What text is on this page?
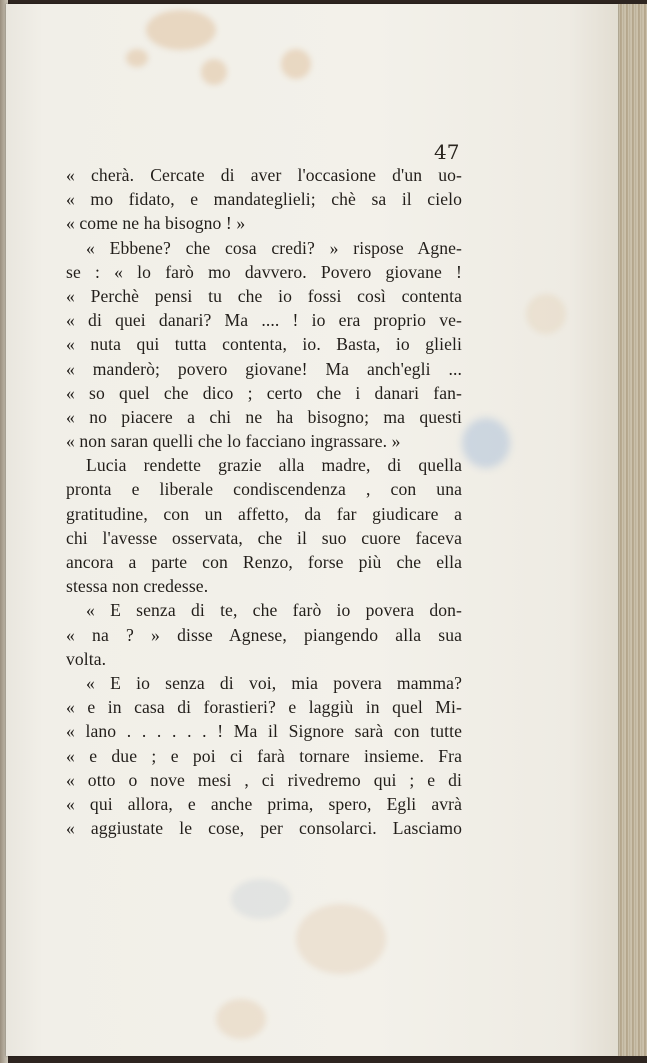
47
« cherà. Cercate di aver l'occasione d'un uo-
« mo fidato, e mandateglieli; chè sa il cielo
« come ne ha bisogno ! »
« Ebbene? che cosa credi? » rispose Agne-
se : « lo farò mo davvero. Povero giovane !
« Perchè pensi tu che io fossi così contenta
« di quei danari? Ma .... ! io era proprio ve-
« nuta qui tutta contenta, io. Basta, io glieli
« manderò; povero giovane! Ma anch'egli ...
« so quel che dico ; certo che i danari fan-
« no piacere a chi ne ha bisogno; ma questi
« non saran quelli che lo facciano ingrassare. »
Lucia rendette grazie alla madre, di quella
pronta e liberale condiscendenza , con una
gratitudine, con un affetto, da far giudicare a
chi l'avesse osservata, che il suo cuore faceva
ancora a parte con Renzo, forse più che ella
stessa non credesse.
« E senza di te, che farò io povera don-
« na ? » disse Agnese, piangendo alla sua
volta.
« E io senza di voi, mia povera mamma?
« e in casa di forastieri? e laggiù in quel Mi-
« lano . . . . . . ! Ma il Signore sarà con tutte
« e due ; e poi ci farà tornare insieme. Fra
« otto o nove mesi , ci rivedremo qui ; e di
« qui allora, e anche prima, spero, Egli avrà
« aggiustate le cose, per consolarci. Lasciamo
